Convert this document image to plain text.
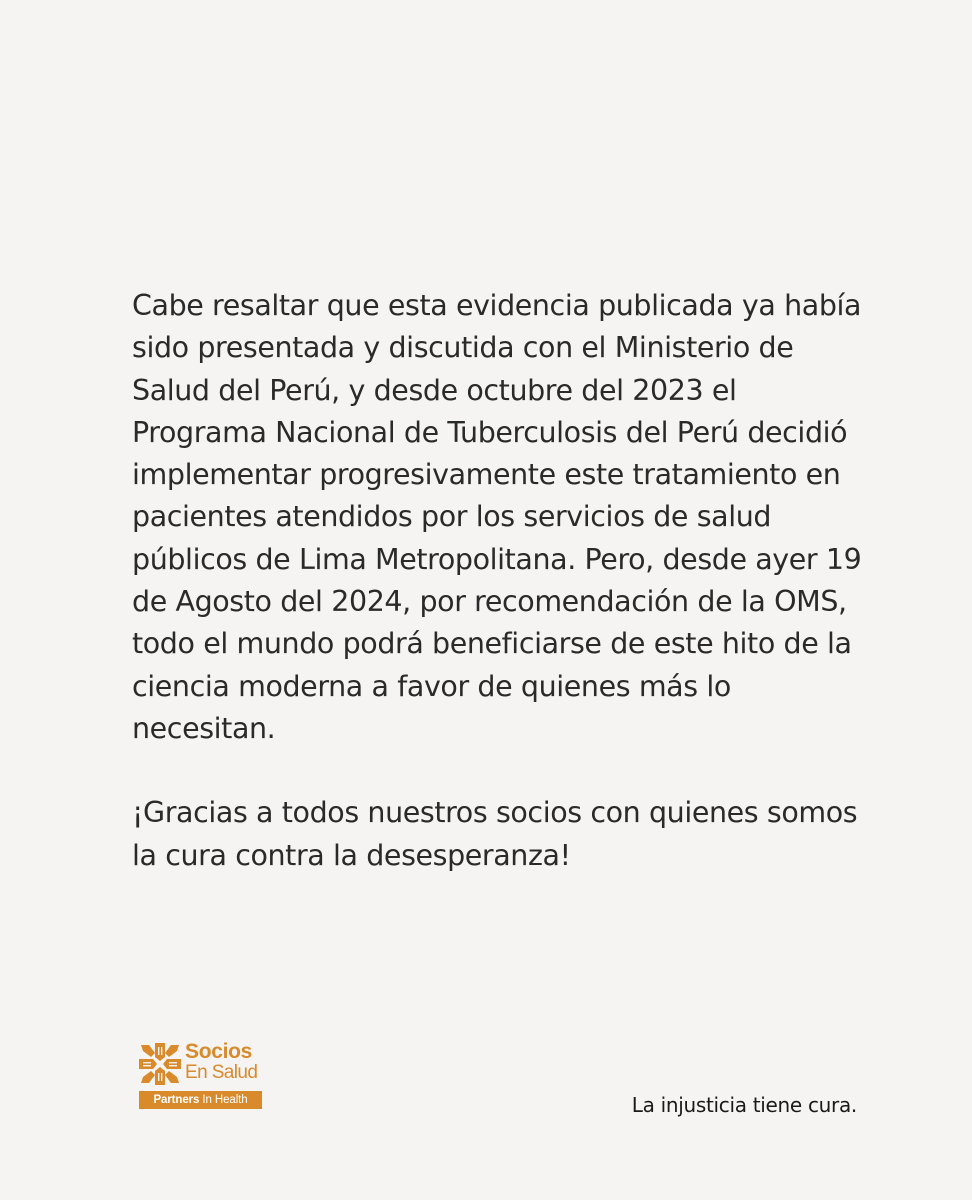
Cabe resaltar que esta evidencia publicada ya había
sido presentada y discutida con el Ministerio de
Salud del Perú, y desde octubre del 2023 el
Programa Nacional de Tuberculosis del Perú decidió
implementar progresivamente este tratamiento en
pacientes atendidos por los servicios de salud
públicos de Lima Metropolitana. Pero, desde ayer 19
de Agosto del 2024, por recomendación de la OMS,
todo el mundo podrá beneficiarse de este hito de la
ciencia moderna a favor de quienes más lo
necesitan.

¡Gracias a todos nuestros socios con quienes somos
la cura contra la desesperanza!

Socios
En Salud
Partners In Health	La injusticia tiene cura.
